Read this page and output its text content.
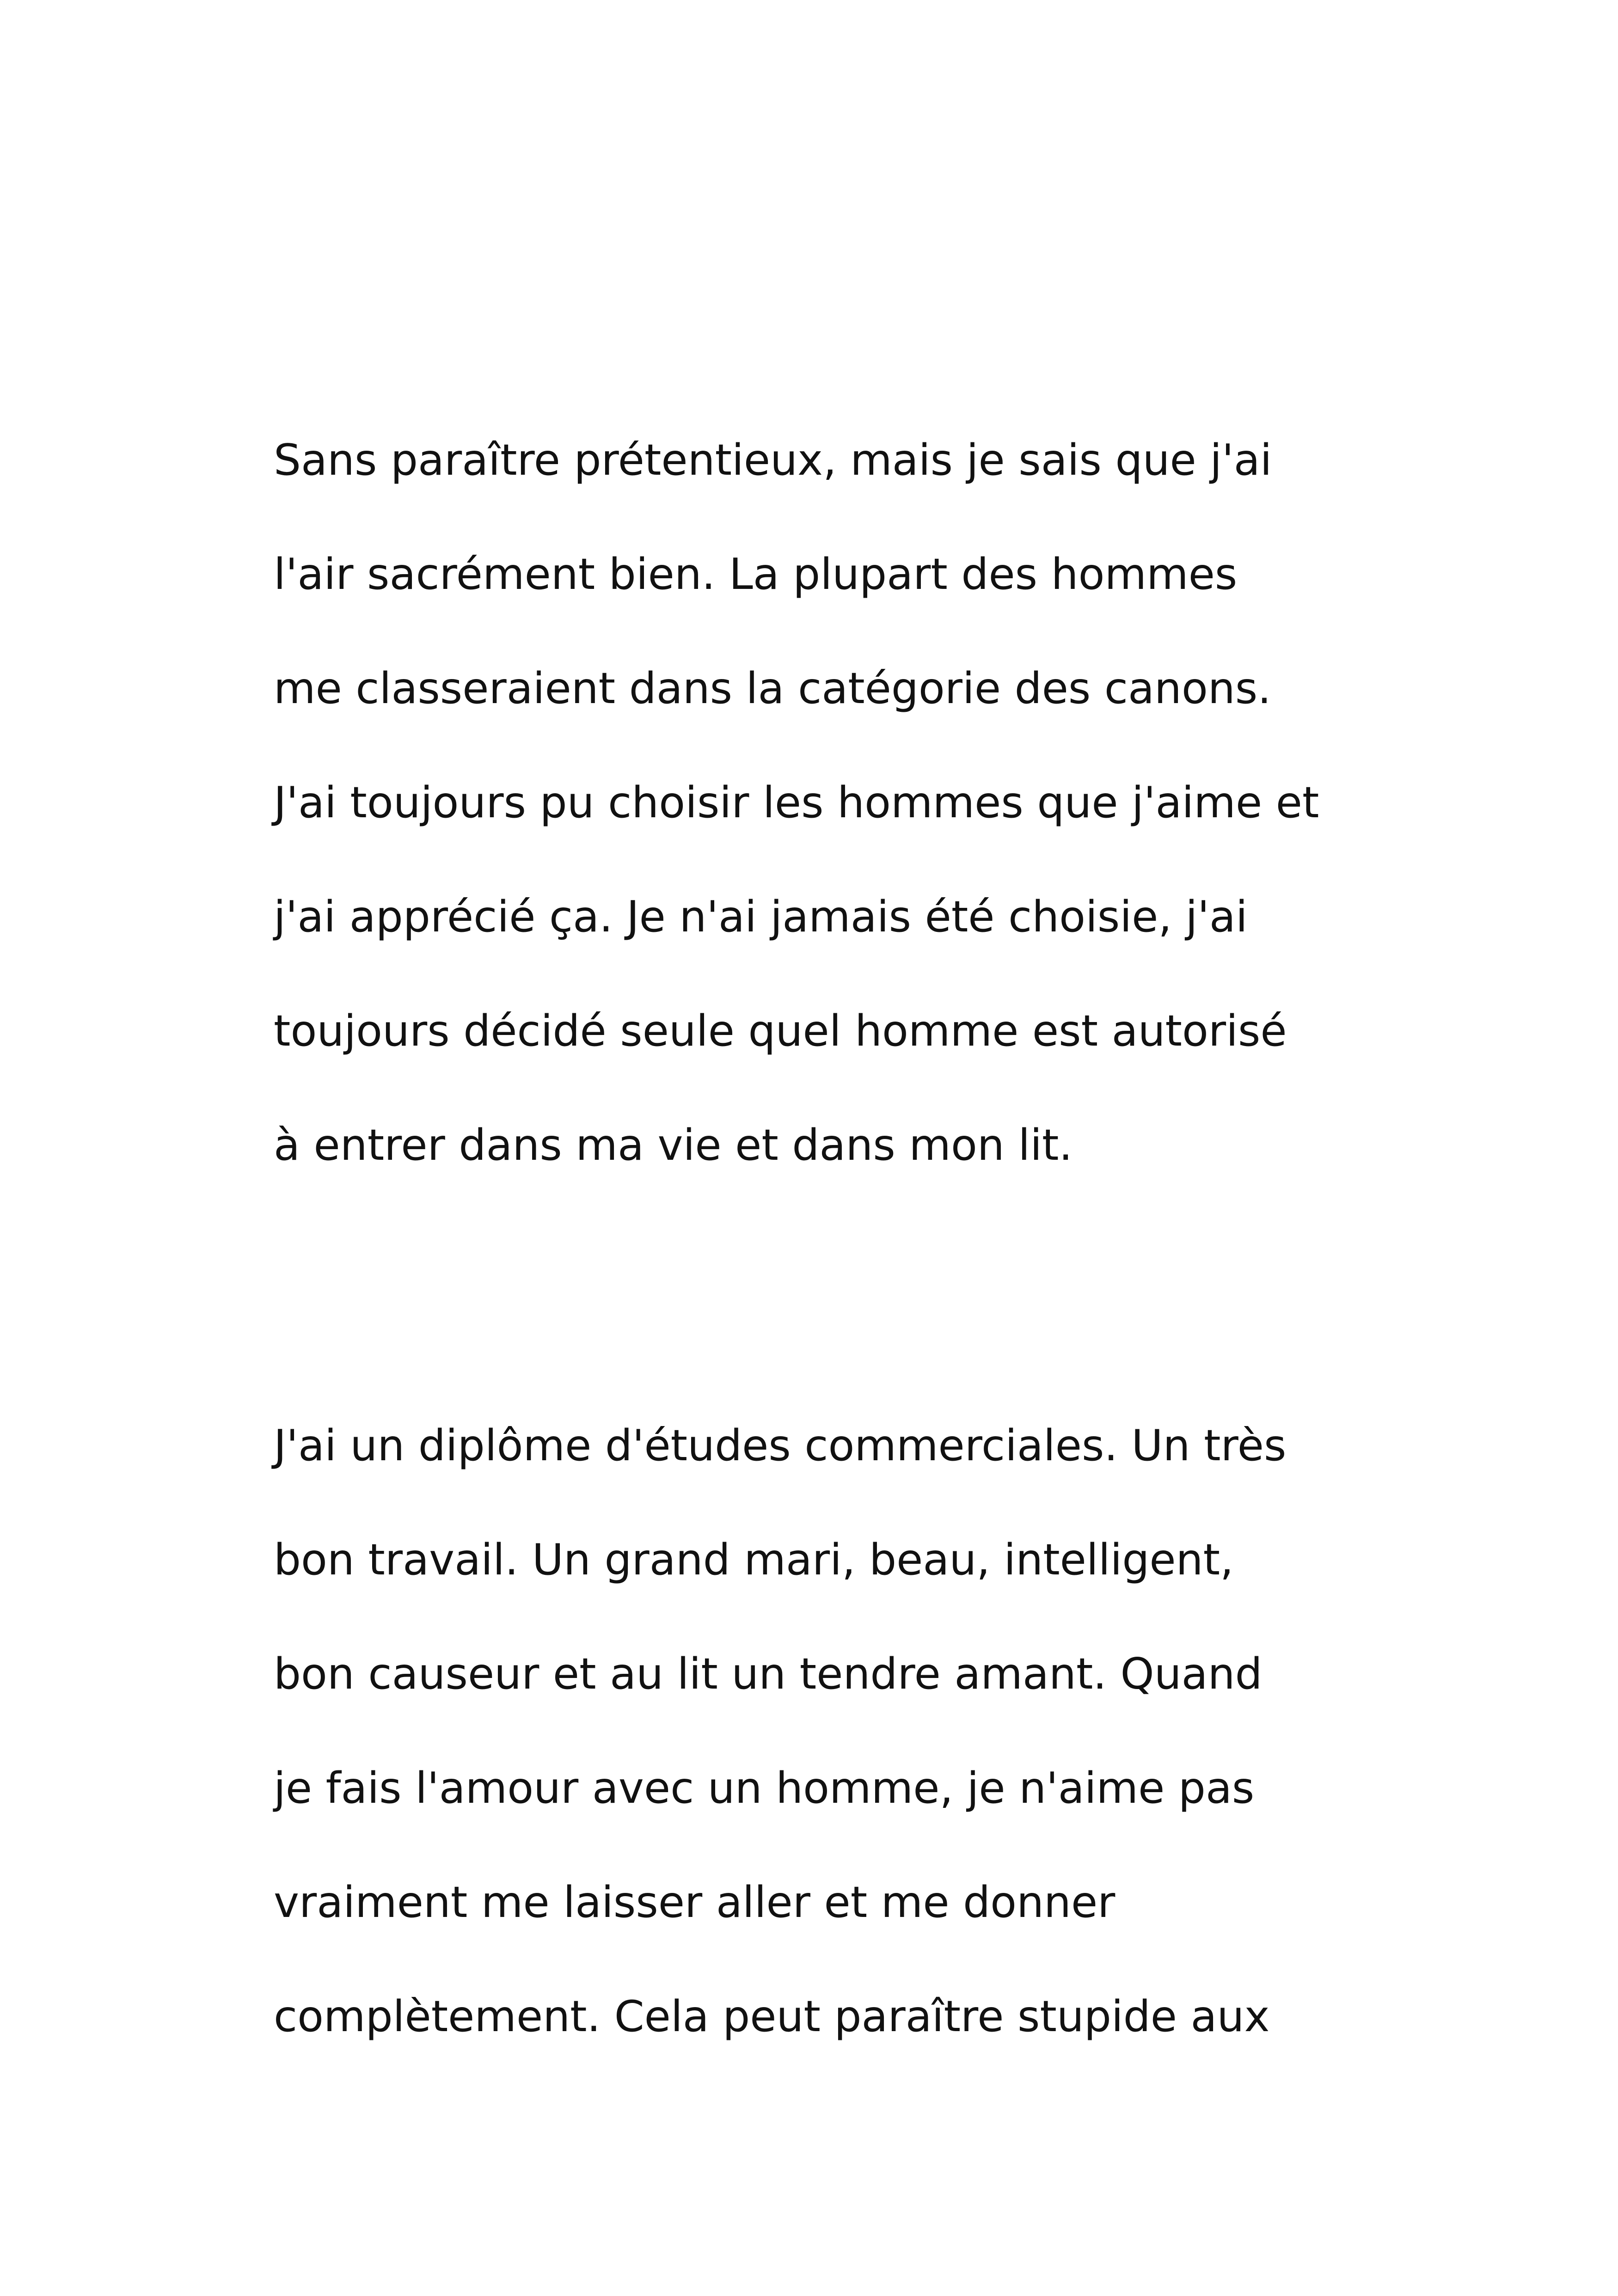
Sans paraître prétentieux, mais je sais que j'ai
l'air sacrément bien. La plupart des hommes
me classeraient dans la catégorie des canons.
J'ai toujours pu choisir les hommes que j'aime et
j'ai apprécié ça. Je n'ai jamais été choisie, j'ai
toujours décidé seule quel homme est autorisé
à entrer dans ma vie et dans mon lit.
J'ai un diplôme d'études commerciales. Un très
bon travail. Un grand mari, beau, intelligent,
bon causeur et au lit un tendre amant. Quand
je fais l'amour avec un homme, je n'aime pas
vraiment me laisser aller et me donner
complètement. Cela peut paraître stupide aux
